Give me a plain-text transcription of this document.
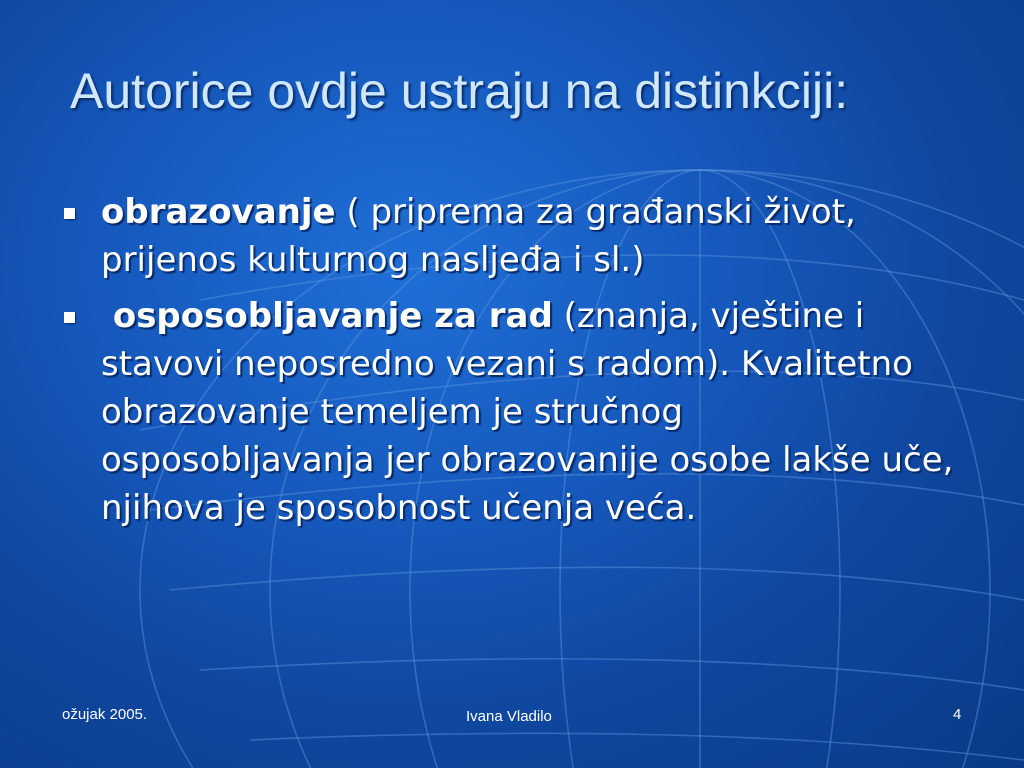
Autorice ovdje ustraju na distinkciji:
obrazovanje ( priprema za građanski život, prijenos kulturnog nasljeđa i sl.)
osposobljavanje za rad (znanja, vještine i stavovi neposredno vezani s radom). Kvalitetno obrazovanje temeljem je stručnog osposobljavanja jer obrazovanije osobe lakše uče, njihova je sposobnost učenja veća.
ožujak 2005.	Ivana Vladilo	4
